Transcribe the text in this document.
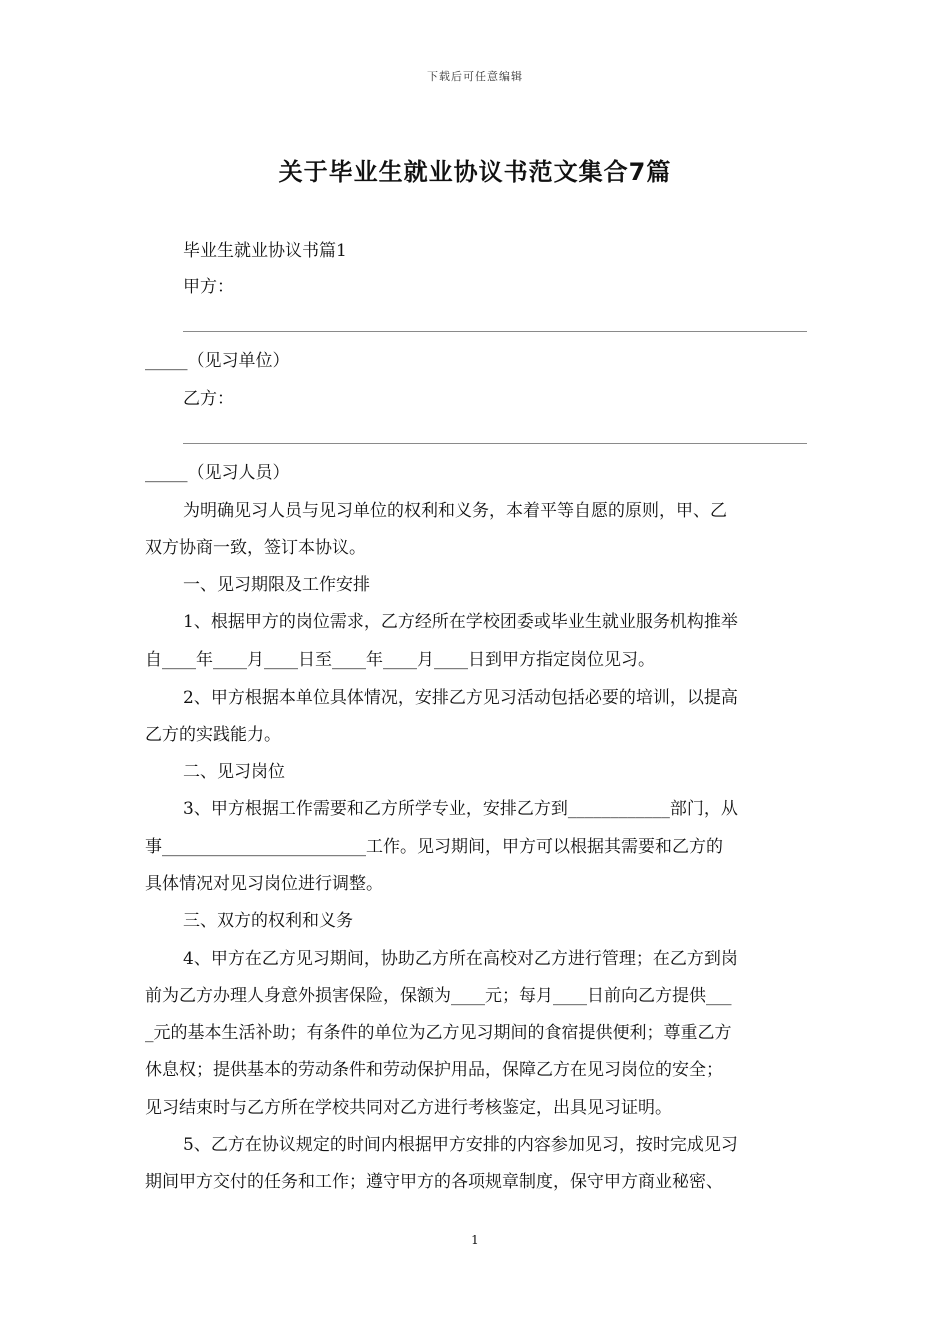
下载后可任意编辑
关于毕业生就业协议书范文集合7篇
毕业生就业协议书篇1
甲方：
_____（见习单位）
乙方：
_____（见习人员）
为明确见习人员与见习单位的权利和义务，本着平等自愿的原则，甲、乙
双方协商一致，签订本协议。
一、见习期限及工作安排
1、根据甲方的岗位需求，乙方经所在学校团委或毕业生就业服务机构推举
自____年____月____日至____年____月____日到甲方指定岗位见习。
2、甲方根据本单位具体情况，安排乙方见习活动包括必要的培训，以提高
乙方的实践能力。
二、见习岗位
3、甲方根据工作需要和乙方所学专业，安排乙方到____________部门，从
事________________________工作。见习期间，甲方可以根据其需要和乙方的
具体情况对见习岗位进行调整。
三、双方的权利和义务
4、甲方在乙方见习期间，协助乙方所在高校对乙方进行管理；在乙方到岗
前为乙方办理人身意外损害保险，保额为____元；每月____日前向乙方提供___
_元的基本生活补助；有条件的单位为乙方见习期间的食宿提供便利；尊重乙方
休息权；提供基本的劳动条件和劳动保护用品，保障乙方在见习岗位的安全；
见习结束时与乙方所在学校共同对乙方进行考核鉴定，出具见习证明。
5、乙方在协议规定的时间内根据甲方安排的内容参加见习，按时完成见习
期间甲方交付的任务和工作；遵守甲方的各项规章制度，保守甲方商业秘密、
1
